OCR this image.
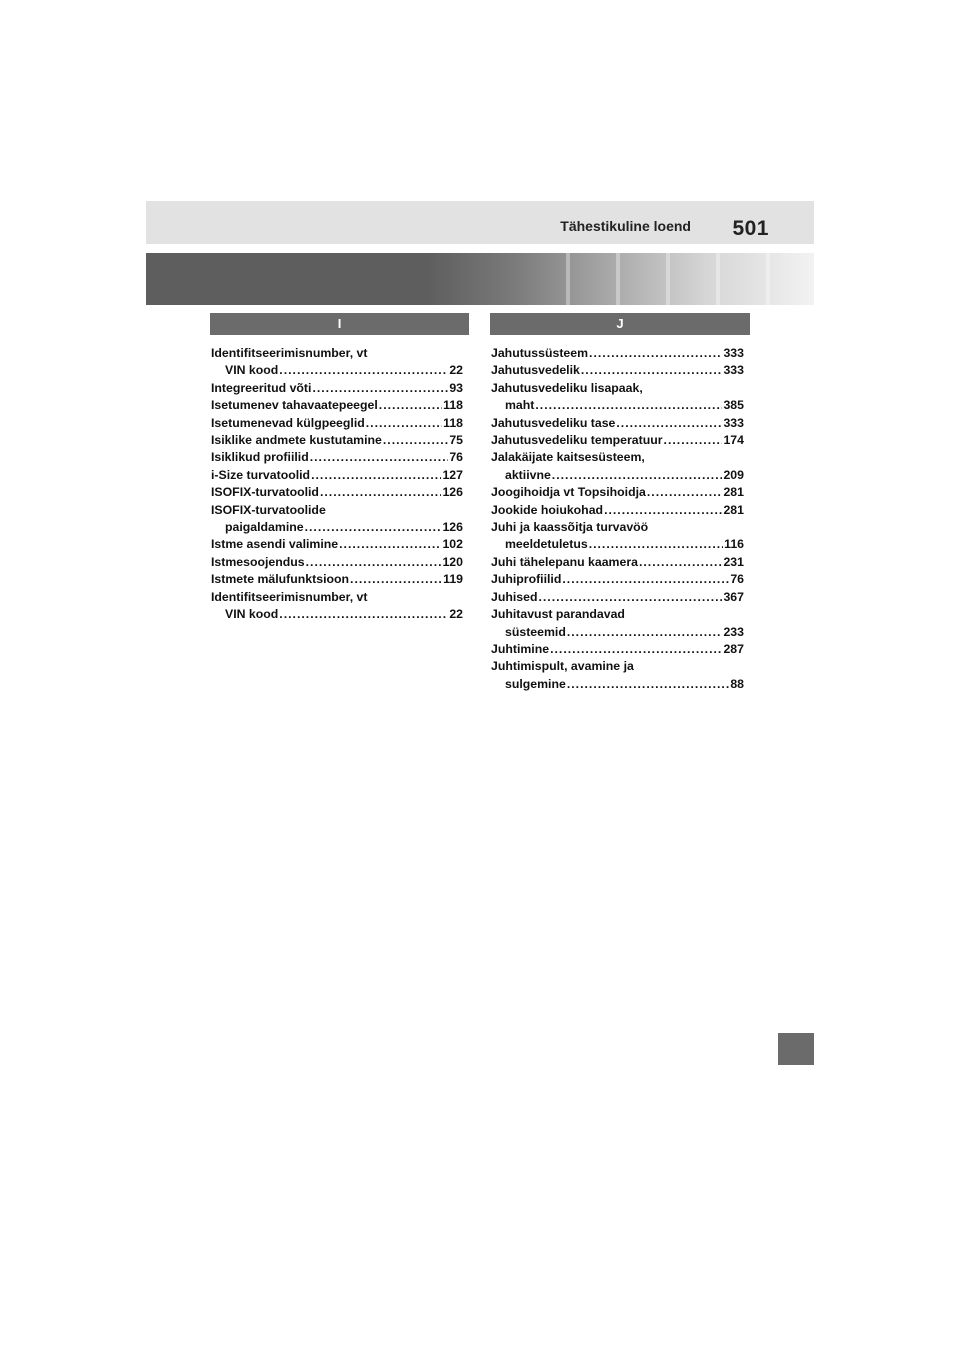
Tähestikuline loend 501
I	J
Identifitseerimisnumber, vt
VIN kood .....	22
Integreeritud võti .....	93
Isetumenev tahavaatepeegel .....	118
Isetumenevad külgpeeglid .....	118
Isiklike andmete kustutamine .....	75
Isiklikud profiilid .....	76
i-Size turvatoolid .....	127
ISOFIX-turvatoolid .....	126
ISOFIX-turvatoolide
paigaldamine .....	126
Istme asendi valimine .....	102
Istmesoojendus .....	120
Istmete mälufunktsioon .....	119
Identifitseerimisnumber, vt
VIN kood .....	22
Jahutussüsteem .....	333
Jahutusvedelik .....	333
Jahutusvedeliku lisapaak,
maht .....	385
Jahutusvedeliku tase .....	333
Jahutusvedeliku temperatuur .....	174
Jalakäijate kaitsesüsteem,
aktiivne .....	209
Joogihoidja vt Topsihoidja .....	281
Jookide hoiukohad .....	281
Juhi ja kaassõitja turvavöö
meeldetuletus .....	116
Juhi tähelepanu kaamera .....	231
Juhiprofiilid .....	76
Juhised .....	367
Juhitavust parandavad
süsteemid .....	233
Juhtimine .....	287
Juhtimispult, avamine ja
sulgemine .....	88
